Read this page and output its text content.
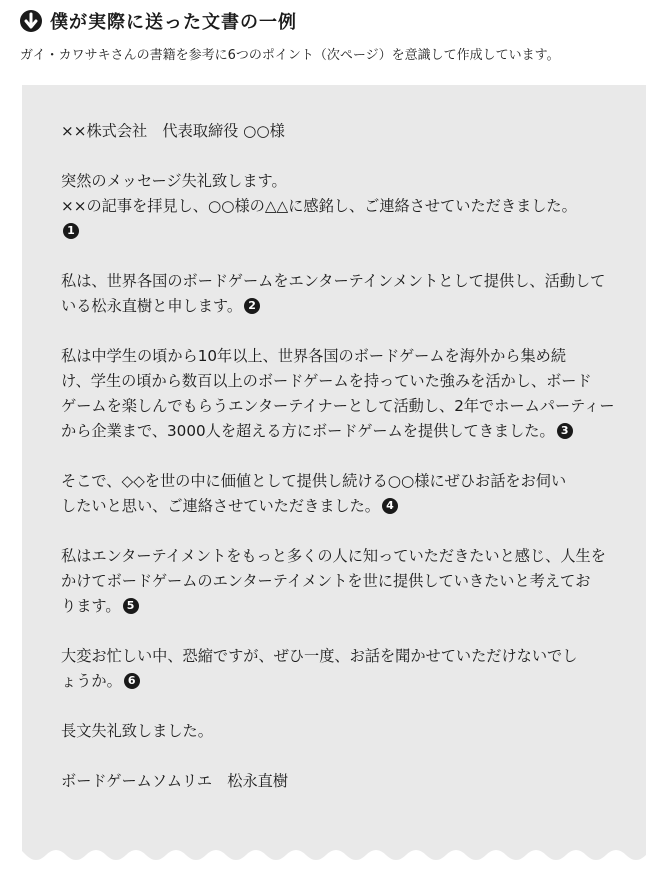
僕が実際に送った文書の一例
ガイ・カワサキさんの書籍を参考に6つのポイント（次ページ）を意識して作成しています。
××株式会社　代表取締役 ○○様
突然のメッセージ失礼致します。
××の記事を拝見し、○○様の△△に感銘し、ご連絡させていただきました。
1
私は、世界各国のボードゲームをエンターテインメントとして提供し、活動して
いる松永直樹と申します。 2
私は中学生の頃から10年以上、世界各国のボードゲームを海外から集め続
け、学生の頃から数百以上のボードゲームを持っていた強みを活かし、ボード
ゲームを楽しんでもらうエンターテイナーとして活動し、2年でホームパーティー
から企業まで、3000人を超える方にボードゲームを提供してきました。 3
そこで、◇◇を世の中に価値として提供し続ける○○様にぜひお話をお伺い
したいと思い、ご連絡させていただきました。 4
私はエンターテイメントをもっと多くの人に知っていただきたいと感じ、人生を
かけてボードゲームのエンターテイメントを世に提供していきたいと考えてお
ります。 5
大変お忙しい中、恐縮ですが、ぜひ一度、お話を聞かせていただけないでし
ょうか。 6
長文失礼致しました。
ボードゲームソムリエ　松永直樹
